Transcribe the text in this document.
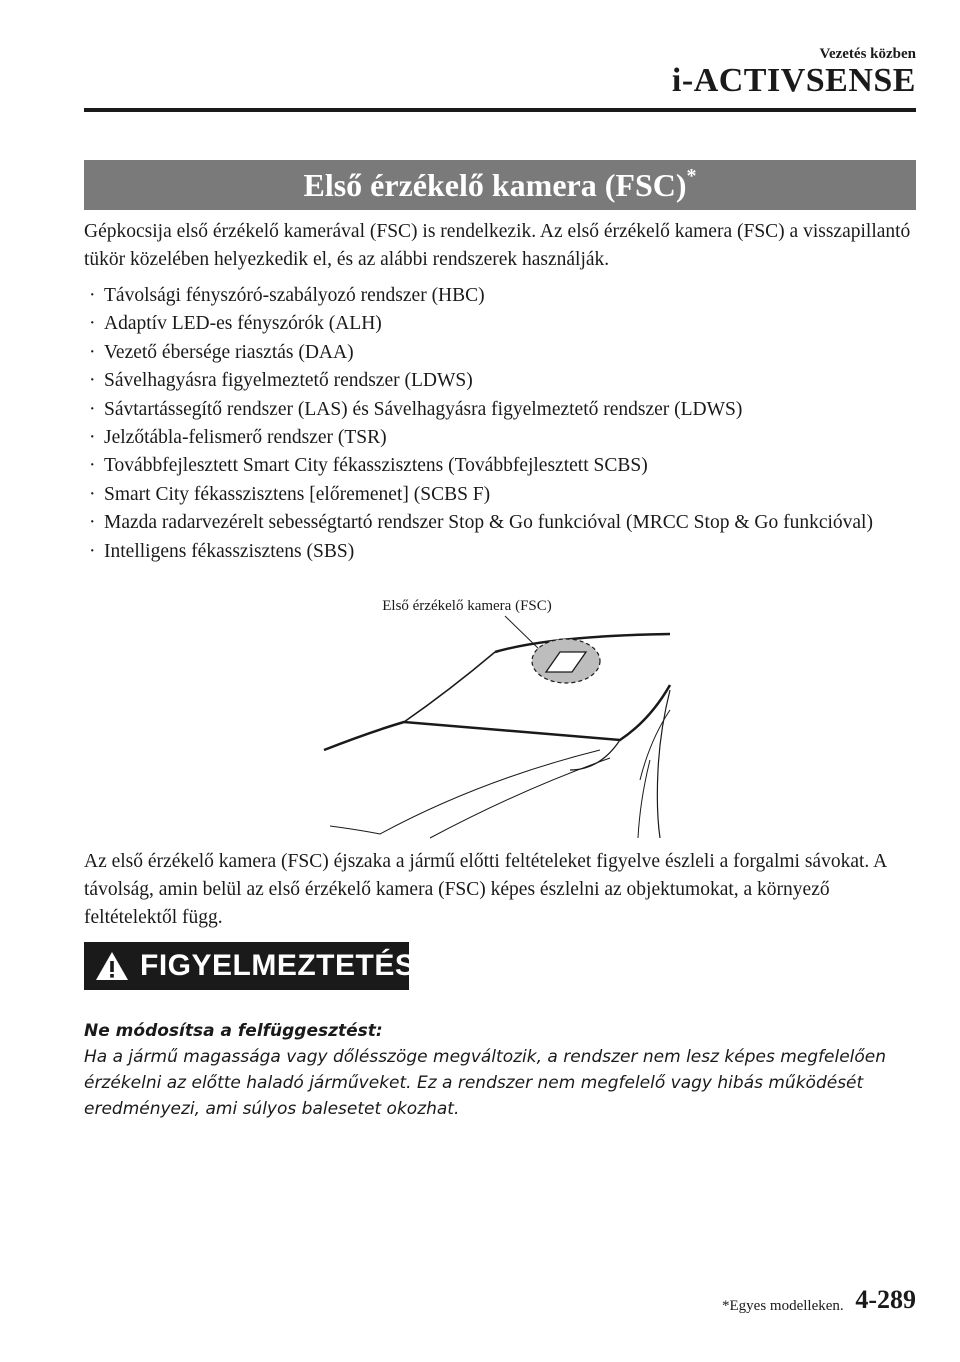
Vezetés közben
i-ACTIVSENSE
Első érzékelő kamera (FSC)*
Gépkocsija első érzékelő kamerával (FSC) is rendelkezik. Az első érzékelő kamera (FSC) a visszapillantó tükör közelében helyezkedik el, és az alábbi rendszerek használják.
· Távolsági fényszóró-szabályozó rendszer (HBC)
· Adaptív LED-es fényszórók (ALH)
· Vezető ébersége riasztás (DAA)
· Sávelhagyásra figyelmeztető rendszer (LDWS)
· Sávtartássegítő rendszer (LAS) és Sávelhagyásra figyelmeztető rendszer (LDWS)
· Jelzőtábla-felismerő rendszer (TSR)
· Továbbfejlesztett Smart City fékasszisztens (Továbbfejlesztett SCBS)
· Smart City fékasszisztens [előremenet] (SCBS F)
· Mazda radarvezérelt sebességtartó rendszer Stop & Go funkcióval (MRCC Stop & Go funkcióval)
· Intelligens fékasszisztens (SBS)
Első érzékelő kamera (FSC)
Az első érzékelő kamera (FSC) éjszaka a jármű előtti feltételeket figyelve észleli a forgalmi sávokat. A távolság, amin belül az első érzékelő kamera (FSC) képes észlelni az objektumokat, a környező feltételektől függ.
FIGYELMEZTETÉS
Ne módosítsa a felfüggesztést:
Ha a jármű magassága vagy dőlésszöge megváltozik, a rendszer nem lesz képes megfelelően érzékelni az előtte haladó járműveket. Ez a rendszer nem megfelelő vagy hibás működését eredményezi, ami súlyos balesetet okozhat.
*Egyes modelleken. 4-289
